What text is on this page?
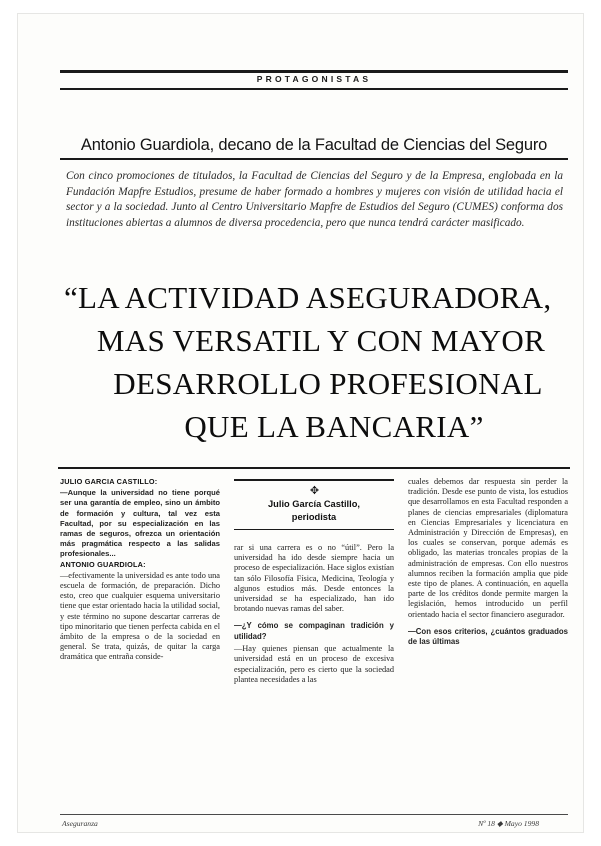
PROTAGONISTAS
Antonio Guardiola, decano de la Facultad de Ciencias del Seguro
Con cinco promociones de titulados, la Facultad de Ciencias del Seguro y de la Empresa, englobada en la Fundación Mapfre Estudios, presume de haber formado a hombres y mujeres con visión de utilidad hacia el sector y a la sociedad. Junto al Centro Universitario Mapfre de Estudios del Seguro (CUMES) conforma dos instituciones abiertas a alumnos de diversa procedencia, pero que nunca tendrá carácter masificado.
“LA ACTIVIDAD ASEGURADORA,
MAS VERSATIL Y CON MAYOR
DESARROLLO PROFESIONAL
QUE LA BANCARIA”
JULIO GARCIA CASTILLO:

—Aunque la universidad no tiene porqué ser una garantía de empleo, sino un ámbito de formación y cultura, tal vez esta Facultad, por su especialización en las ramas de seguros, ofrezca un orientación más pragmática respecto a las salidas profesionales...

ANTONIO GUARDIOLA:

—efectivamente la universidad es ante todo una escuela de formación, de preparación. Dicho esto, creo que cualquier esquema universitario tiene que estar orientado hacia la utilidad social, y este término no supone descartar carreras de tipo minoritario que tienen perfecta cabida en el ámbito de la empresa o de la sociedad en general. Se trata, quizás, de quitar la carga dramática que entraña conside-

✥
Julio García Castillo,
periodista

rar si una carrera es o no “útil”. Pero la universidad ha ido desde siempre hacia un proceso de especialización. Hace siglos existían tan sólo Filosofía Física, Medicina, Teología y algunos estudios más. Desde entonces la universidad se ha especializado, han ido brotando nuevas ramas del saber.

—¿Y cómo se compaginan tradición y utilidad?

—Hay quienes piensan que actualmente la universidad está en un proceso de excesiva especialización, pero es cierto que la sociedad plantea necesidades a las

cuales debemos dar respuesta sin perder la tradición. Desde ese punto de vista, los estudios que desarrollamos en esta Facultad responden a planes de ciencias empresariales (diplomatura en Ciencias Empresariales y licenciatura en Administración y Dirección de Empresas), en los cuales se conservan, porque además es obligado, las materias troncales propias de la administración de empresas. Con ello nuestros alumnos reciben la formación amplia que pide este tipo de planes. A continuación, en aquella parte de los créditos donde permite margen la legislación, hemos introducido un perfil orientado hacia el sector financiero asegurador.

—Con esos criterios, ¿cuántos graduados de las últimas
Aseguranza	Nº 18 ◆ Mayo 1998
